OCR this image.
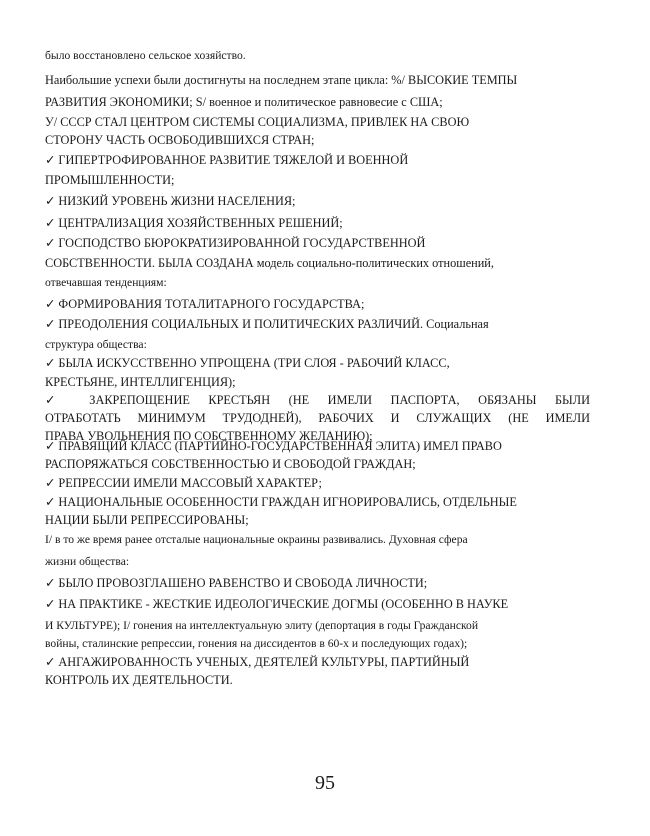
было восстановлено сельское хозяйство.
Наибольшие успехи были достигнуты на последнем этапе цикла: %/ ВЫСОКИЕ ТЕМПЫ
РАЗВИТИЯ ЭКОНОМИКИ; S/ военное и политическое равновесие с США;
У/ СССР СТАЛ ЦЕНТРОМ СИСТЕМЫ СОЦИАЛИЗМА, ПРИВЛЕК НА СВОЮ
СТОРОНУ ЧАСТЬ ОСВОБОДИВШИХСЯ СТРАН;
✓ ГИПЕРТРОФИРОВАННОЕ РАЗВИТИЕ ТЯЖЕЛОЙ И ВОЕННОЙ
ПРОМЫШЛЕННОСТИ;
✓ НИЗКИЙ УРОВЕНЬ ЖИЗНИ НАСЕЛЕНИЯ;
✓ ЦЕНТРАЛИЗАЦИЯ ХОЗЯЙСТВЕННЫХ РЕШЕНИЙ;
✓ ГОСПОДСТВО БЮРОКРАТИЗИРОВАННОЙ ГОСУДАРСТВЕННОЙ
СОБСТВЕННОСТИ. БЫЛА СОЗДАНА модель социально-политических отношений,
отвечавшая тенденциям:
✓ ФОРМИРОВАНИЯ ТОТАЛИТАРНОГО ГОСУДАРСТВА;
✓ ПРЕОДОЛЕНИЯ СОЦИАЛЬНЫХ И ПОЛИТИЧЕСКИХ РАЗЛИЧИЙ. Социальная
структура общества:
✓ БЫЛА ИСКУССТВЕННО УПРОЩЕНА (ТРИ СЛОЯ - РАБОЧИЙ КЛАСС,
КРЕСТЬЯНЕ, ИНТЕЛЛИГЕНЦИЯ);
✓ ЗАКРЕПОЩЕНИЕ КРЕСТЬЯН (НЕ ИМЕЛИ ПАСПОРТА, ОБЯЗАНЫ БЫЛИ
ОТРАБОТАТЬ МИНИМУМ ТРУДОДНЕЙ), РАБОЧИХ И СЛУЖАЩИХ (НЕ ИМЕЛИ
ПРАВА УВОЛЬНЕНИЯ ПО СОБСТВЕННОМУ ЖЕЛАНИЮ);
✓ ПРАВЯЩИЙ КЛАСС (ПАРТИЙНО-ГОСУДАРСТВЕННАЯ ЭЛИТА) ИМЕЛ ПРАВО
РАСПОРЯЖАТЬСЯ СОБСТВЕННОСТЬЮ И СВОБОДОЙ ГРАЖДАН;
✓ РЕПРЕССИИ ИМЕЛИ МАССОВЫЙ ХАРАКТЕР;
✓ НАЦИОНАЛЬНЫЕ ОСОБЕННОСТИ ГРАЖДАН ИГНОРИРОВАЛИСЬ, ОТДЕЛЬНЫЕ
НАЦИИ БЫЛИ РЕПРЕССИРОВАНЫ;
I/ в то же время ранее отсталые национальные окраины развивались. Духовная сфера
жизни общества:
✓ БЫЛО ПРОВОЗГЛАШЕНО РАВЕНСТВО И СВОБОДА ЛИЧНОСТИ;
✓ НА ПРАКТИКЕ - ЖЕСТКИЕ ИДЕОЛОГИЧЕСКИЕ ДОГМЫ (ОСОБЕННО В НАУКЕ
И КУЛЬТУРЕ); I/ гонения на интеллектуальную элиту (депортация в годы Гражданской
войны, сталинские репрессии, гонения на диссидентов в 60-х и последующих годах);
✓ АНГАЖИРОВАННОСТЬ УЧЕНЫХ, ДЕЯТЕЛЕЙ КУЛЬТУРЫ, ПАРТИЙНЫЙ
КОНТРОЛЬ ИХ ДЕЯТЕЛЬНОСТИ.
95
